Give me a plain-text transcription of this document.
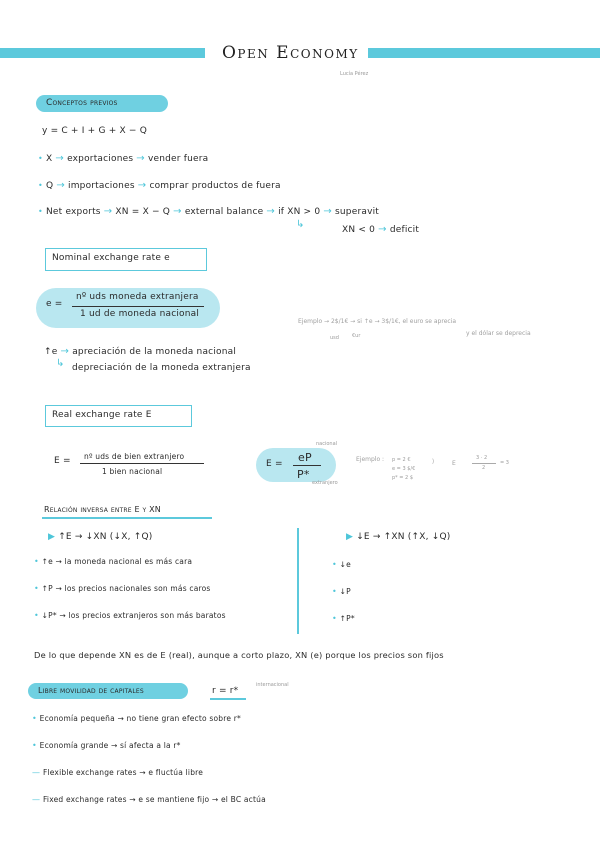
Open Economy
Lucía Pérez
Conceptos previos
y = C + I + G + X − Q
• X → exportaciones → vender fuera
• Q → importaciones → comprar productos de fuera
• Net exports → XN = X − Q → external balance → if XN > 0 → superavit
↳	XN < 0 → deficit
Nominal exchange rate e
e =
nº uds moneda extranjera
1 ud de moneda nacional
Ejemplo → 2$/1€ → si ↑e → 3$/1€, el euro se aprecia
usd	€ur	y el dólar se deprecia
↑e → apreciación de la moneda nacional
↳ depreciación de la moneda extranjera
Real exchange rate E
E = nº uds de bien extranjero
1 bien nacional
E = eP
P*
nacional
extranjero
Ejemplo : p = 2 €
e = 3 $/€
p* = 2 $
⟩	E
3 · 2
2
= 3
Relación inversa entre E y XN
▶ ↑E → ↓XN (↓X, ↑Q)
• ↑e → la moneda nacional es más cara
• ↑P → los precios nacionales son más caros
• ↓P* → los precios extranjeros son más baratos
▶ ↓E → ↑XN (↑X, ↓Q)
• ↓e
• ↓P
• ↑P*
De lo que depende XN es de E (real), aunque a corto plazo, XN (e) porque los precios son fijos
Libre movilidad de capitales	r = r*
internacional
• Economía pequeña → no tiene gran efecto sobre r*
• Economía grande → sí afecta a la r*
— Flexible exchange rates → e fluctúa libre
— Fixed exchange rates → e se mantiene fijo → el BC actúa
